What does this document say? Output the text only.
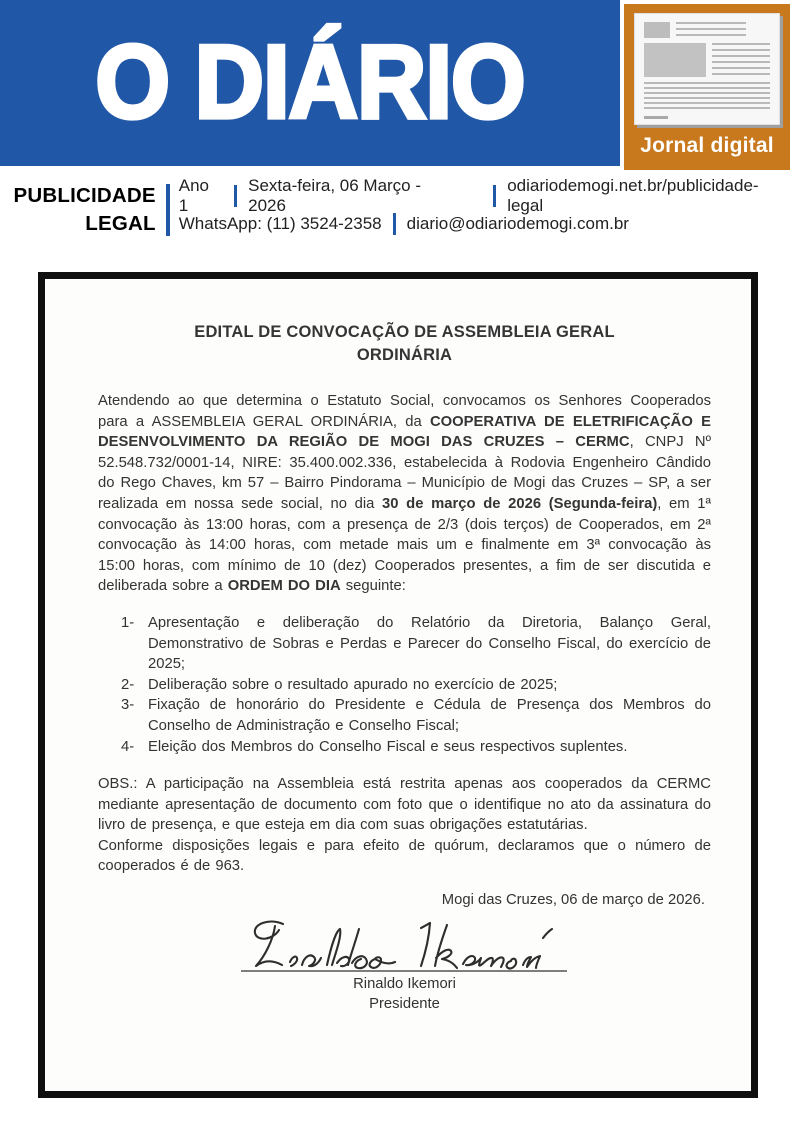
O DIÁRIO
Jornal digital
PUBLICIDADE
LEGAL
Ano 1
Sexta-feira, 06 Março - 2026
odiariodemogi.net.br/publicidade-legal
WhatsApp: (11) 3524-2358 diario@odiariodemogi.com.br
EDITAL DE CONVOCAÇÃO DE ASSEMBLEIA GERAL ORDINÁRIA

Atendendo ao que determina o Estatuto Social, convocamos os Senhores Cooperados para a ASSEMBLEIA GERAL ORDINÁRIA, da COOPERATIVA DE ELETRIFICAÇÃO E DESENVOLVIMENTO DA REGIÃO DE MOGI DAS CRUZES – CERMC, CNPJ Nº 52.548.732/0001-14, NIRE: 35.400.002.336, estabelecida à Rodovia Engenheiro Cândido do Rego Chaves, km 57 – Bairro Pindorama – Município de Mogi das Cruzes – SP, a ser realizada em nossa sede social, no dia 30 de março de 2026 (Segunda-feira), em 1ª convocação às 13:00 horas, com a presença de 2/3 (dois terços) de Cooperados, em 2ª convocação às 14:00 horas, com metade mais um e finalmente em 3ª convocação às 15:00 horas, com mínimo de 10 (dez) Cooperados presentes, a fim de ser discutida e deliberada sobre a ORDEM DO DIA seguinte:

1- Apresentação e deliberação do Relatório da Diretoria, Balanço Geral, Demonstrativo de Sobras e Perdas e Parecer do Conselho Fiscal, do exercício de 2025;
2- Deliberação sobre o resultado apurado no exercício de 2025;
3- Fixação de honorário do Presidente e Cédula de Presença dos Membros do Conselho de Administração e Conselho Fiscal;
4- Eleição dos Membros do Conselho Fiscal e seus respectivos suplentes.

OBS.: A participação na Assembleia está restrita apenas aos cooperados da CERMC mediante apresentação de documento com foto que o identifique no ato da assinatura do livro de presença, e que esteja em dia com suas obrigações estatutárias.

Conforme disposições legais e para efeito de quórum, declaramos que o número de cooperados é de 963.

Mogi das Cruzes, 06 de março de 2026.
Rinaldo Ikemori
Presidente
